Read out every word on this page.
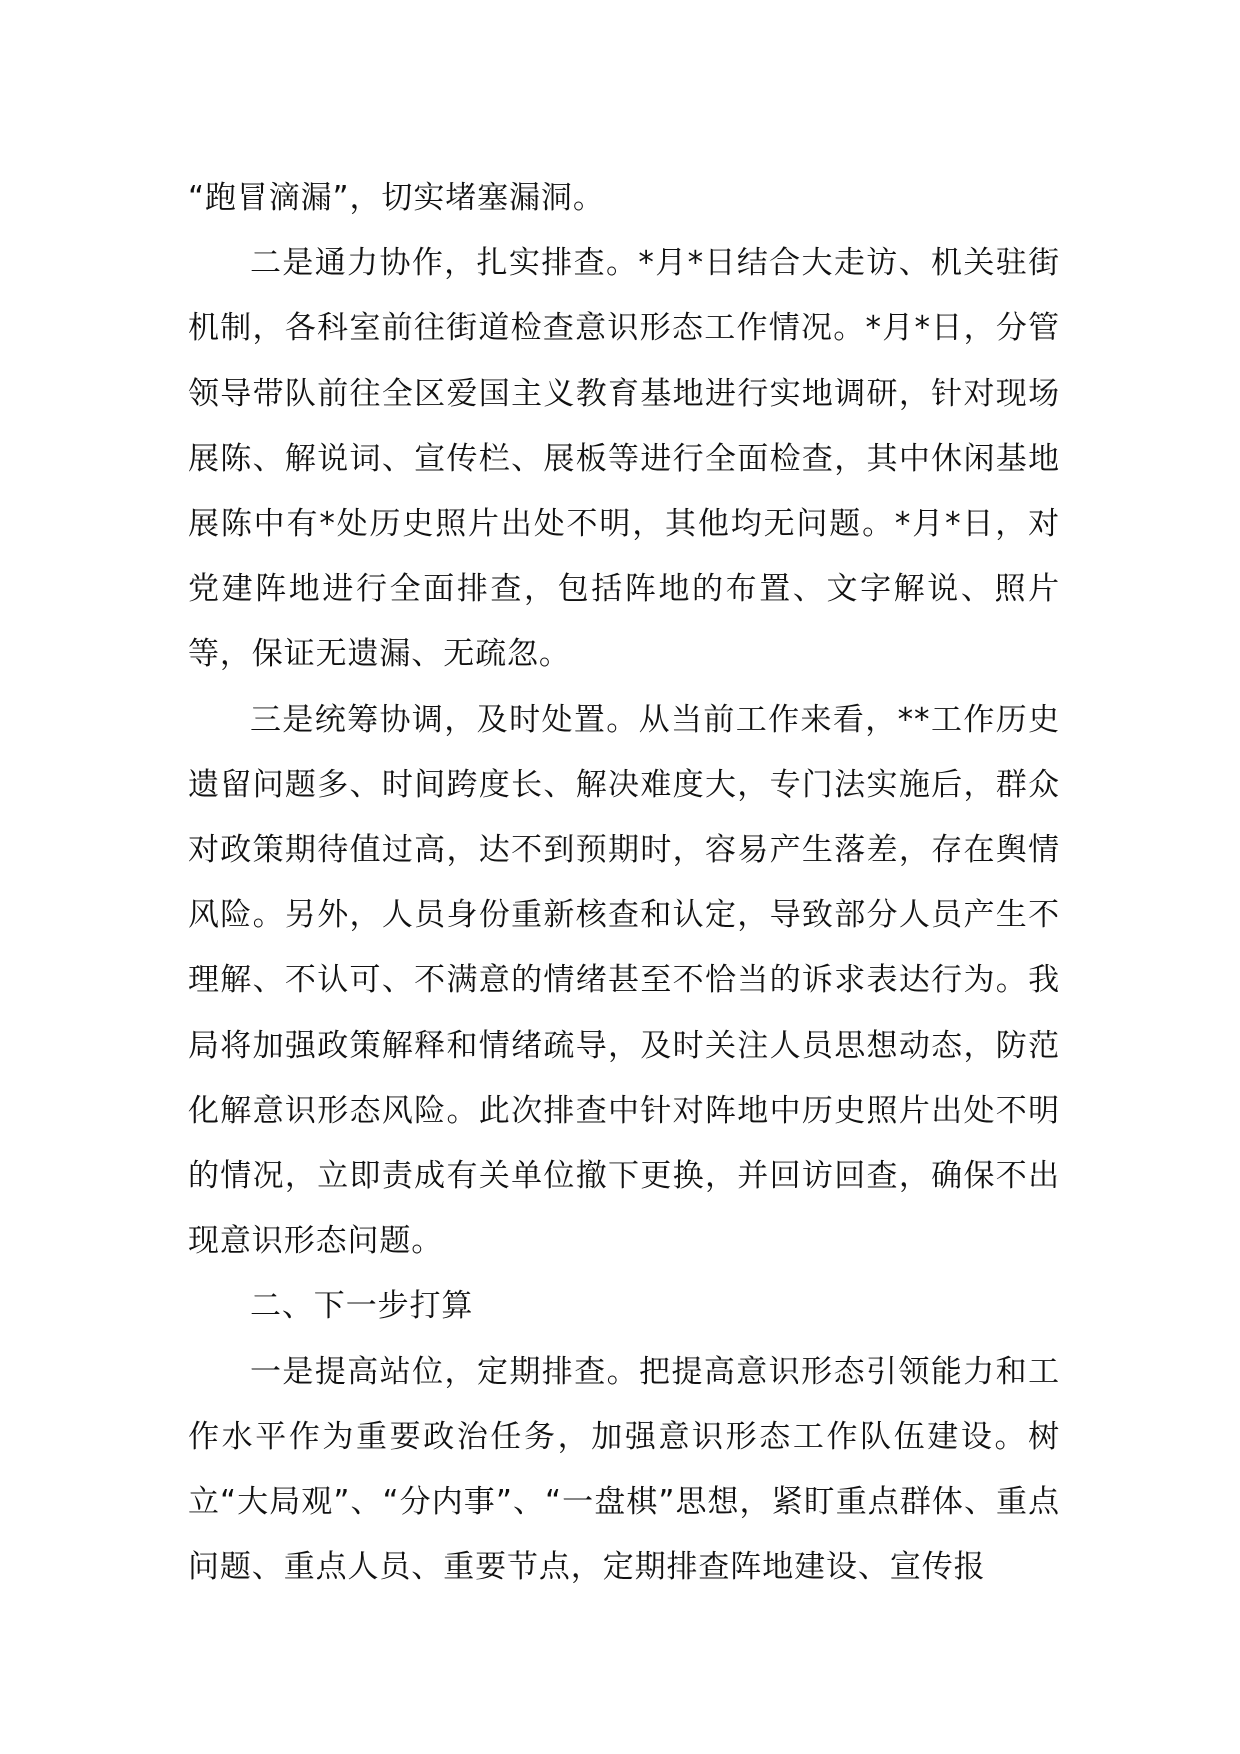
“跑冒滴漏”，切实堵塞漏洞。

二是通力协作，扎实排查。*月*日结合大走访、机关驻街机制，各科室前往街道检查意识形态工作情况。*月*日，分管领导带队前往全区爱国主义教育基地进行实地调研，针对现场展陈、解说词、宣传栏、展板等进行全面检查，其中休闲基地展陈中有*处历史照片出处不明，其他均无问题。*月*日，对党建阵地进行全面排查，包括阵地的布置、文字解说、照片等，保证无遗漏、无疏忽。

三是统筹协调，及时处置。从当前工作来看，**工作历史遗留问题多、时间跨度长、解决难度大，专门法实施后，群众对政策期待值过高，达不到预期时，容易产生落差，存在舆情风险。另外，人员身份重新核查和认定，导致部分人员产生不理解、不认可、不满意的情绪甚至不恰当的诉求表达行为。我局将加强政策解释和情绪疏导，及时关注人员思想动态，防范化解意识形态风险。此次排查中针对阵地中历史照片出处不明的情况，立即责成有关单位撤下更换，并回访回查，确保不出现意识形态问题。

二、下一步打算

一是提高站位，定期排查。把提高意识形态引领能力和工作水平作为重要政治任务，加强意识形态工作队伍建设。树立“大局观”、“分内事”、“一盘棋”思想，紧盯重点群体、重点问题、重点人员、重要节点，定期排查阵地建设、宣传报
